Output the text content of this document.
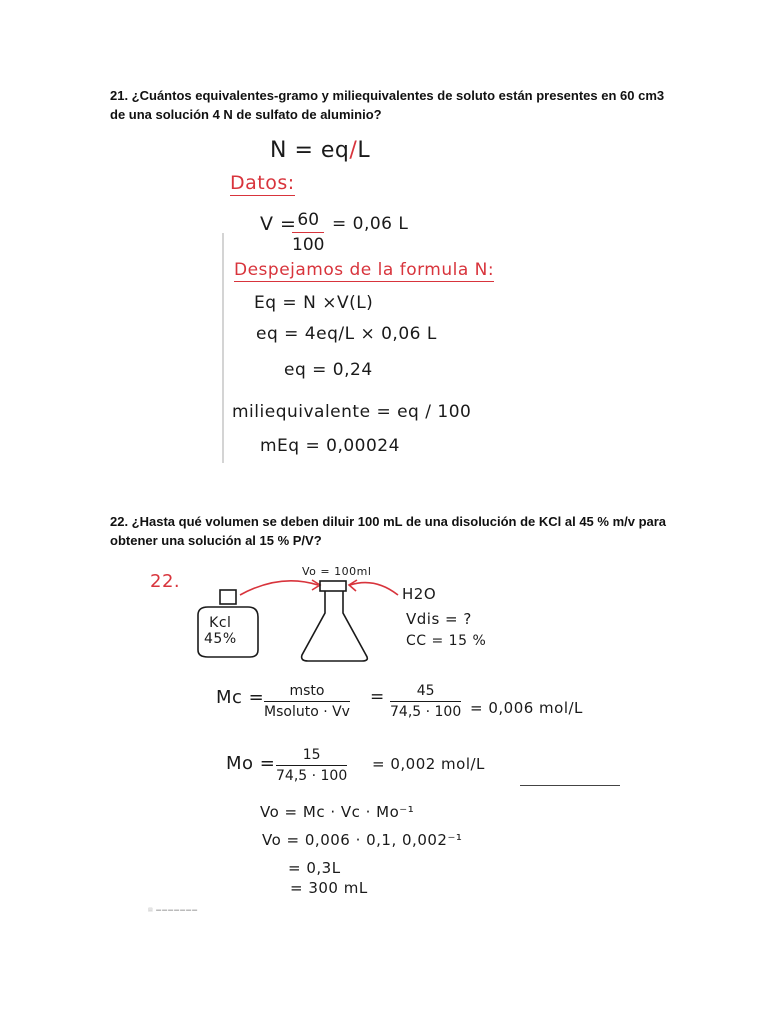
21. ¿Cuántos equivalentes-gramo y miliequivalentes de soluto están presentes en 60 cm3 de una solución 4 N de sulfato de aluminio?
N = eq/L
Datos:
V =
$\frac{60}{100} = 0,06$ L
Despejamos de la formula N:
Eq = N ×V(L)
eq = 4eq/L × 0,06 L
eq = 0,24
miliequivalente = eq / 100
mEq = 0,00024
22. ¿Hasta qué volumen se deben diluir 100 mL de una disolución de KCl al 45 % m/v para obtener una solución al 15 % P/V?
22.
Kcl
45%
Vo = 100ml
H2O
Vdis = ?
CC = 15 %
Mc =	msto
Msoluto · Vv
= $\frac{45}{74,5 \cdot 100} = 0,006$ mol/L
$Mo = \frac{15}{74,5 \cdot 100} = 0,002$ mol/L
Vo = Mc · Vc · Mo⁻¹
Vo = 0,006 · 0,1, 0,002⁻¹
= 0,3L
= 300 mL
▤ ▬▬▬▬▬▬▬
